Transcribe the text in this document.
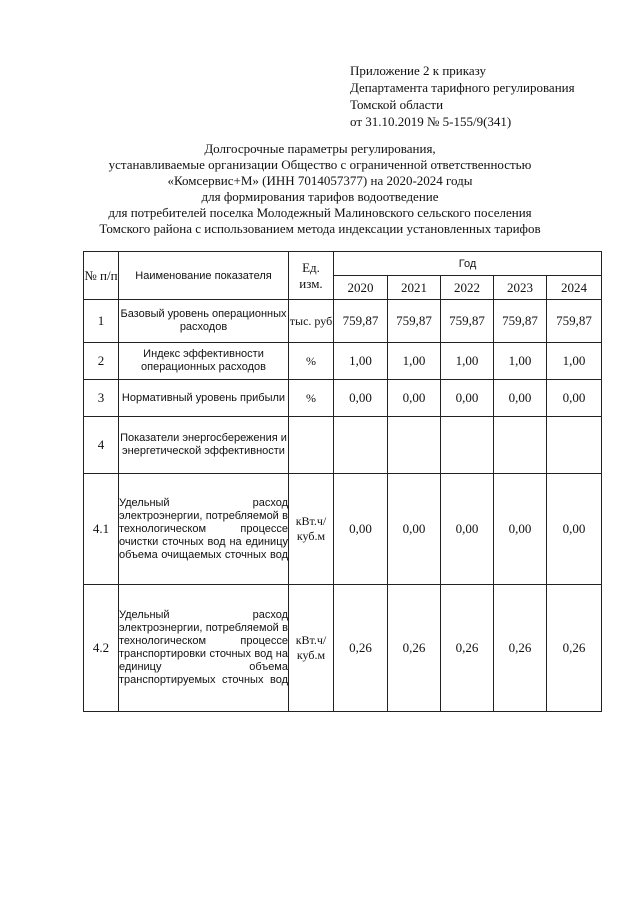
Приложение 2 к приказу
Департамента тарифного регулирования
Томской области
от 31.10.2019 № 5-155/9(341)
Долгосрочные параметры регулирования,
устанавливаемые организации Общество с ограниченной ответственностью
«Комсервис+М» (ИНН 7014057377) на 2020-2024 годы
для формирования тарифов водоотведение
для потребителей поселка Молодежный Малиновского сельского поселения
Томского района с использованием метода индексации установленных тарифов
№ п/п	Наименование показателя	Ед. изм.	Год				
			2020	2021	2022	2023	2024
1	Базовый уровень операционных расходов	тыс. руб	759,87	759,87	759,87	759,87	759,87
2	Индекс эффективности операционных расходов	%	1,00	1,00	1,00	1,00	1,00
3	Нормативный уровень прибыли	%	0,00	0,00	0,00	0,00	0,00
4	Показатели энергосбережения и энергетической эффективности						
4.1	Удельный расход электроэнергии, потребляемой в технологическом процессе очистки сточных вод на единицу объема очищаемых сточных вод	кВт.ч/куб.м	0,00	0,00	0,00	0,00	0,00
4.2	Удельный расход электроэнергии, потребляемой в технологическом процессе транспортировки сточных вод на единицу объема транспортируемых сточных вод	кВт.ч/куб.м	0,26	0,26	0,26	0,26	0,26
